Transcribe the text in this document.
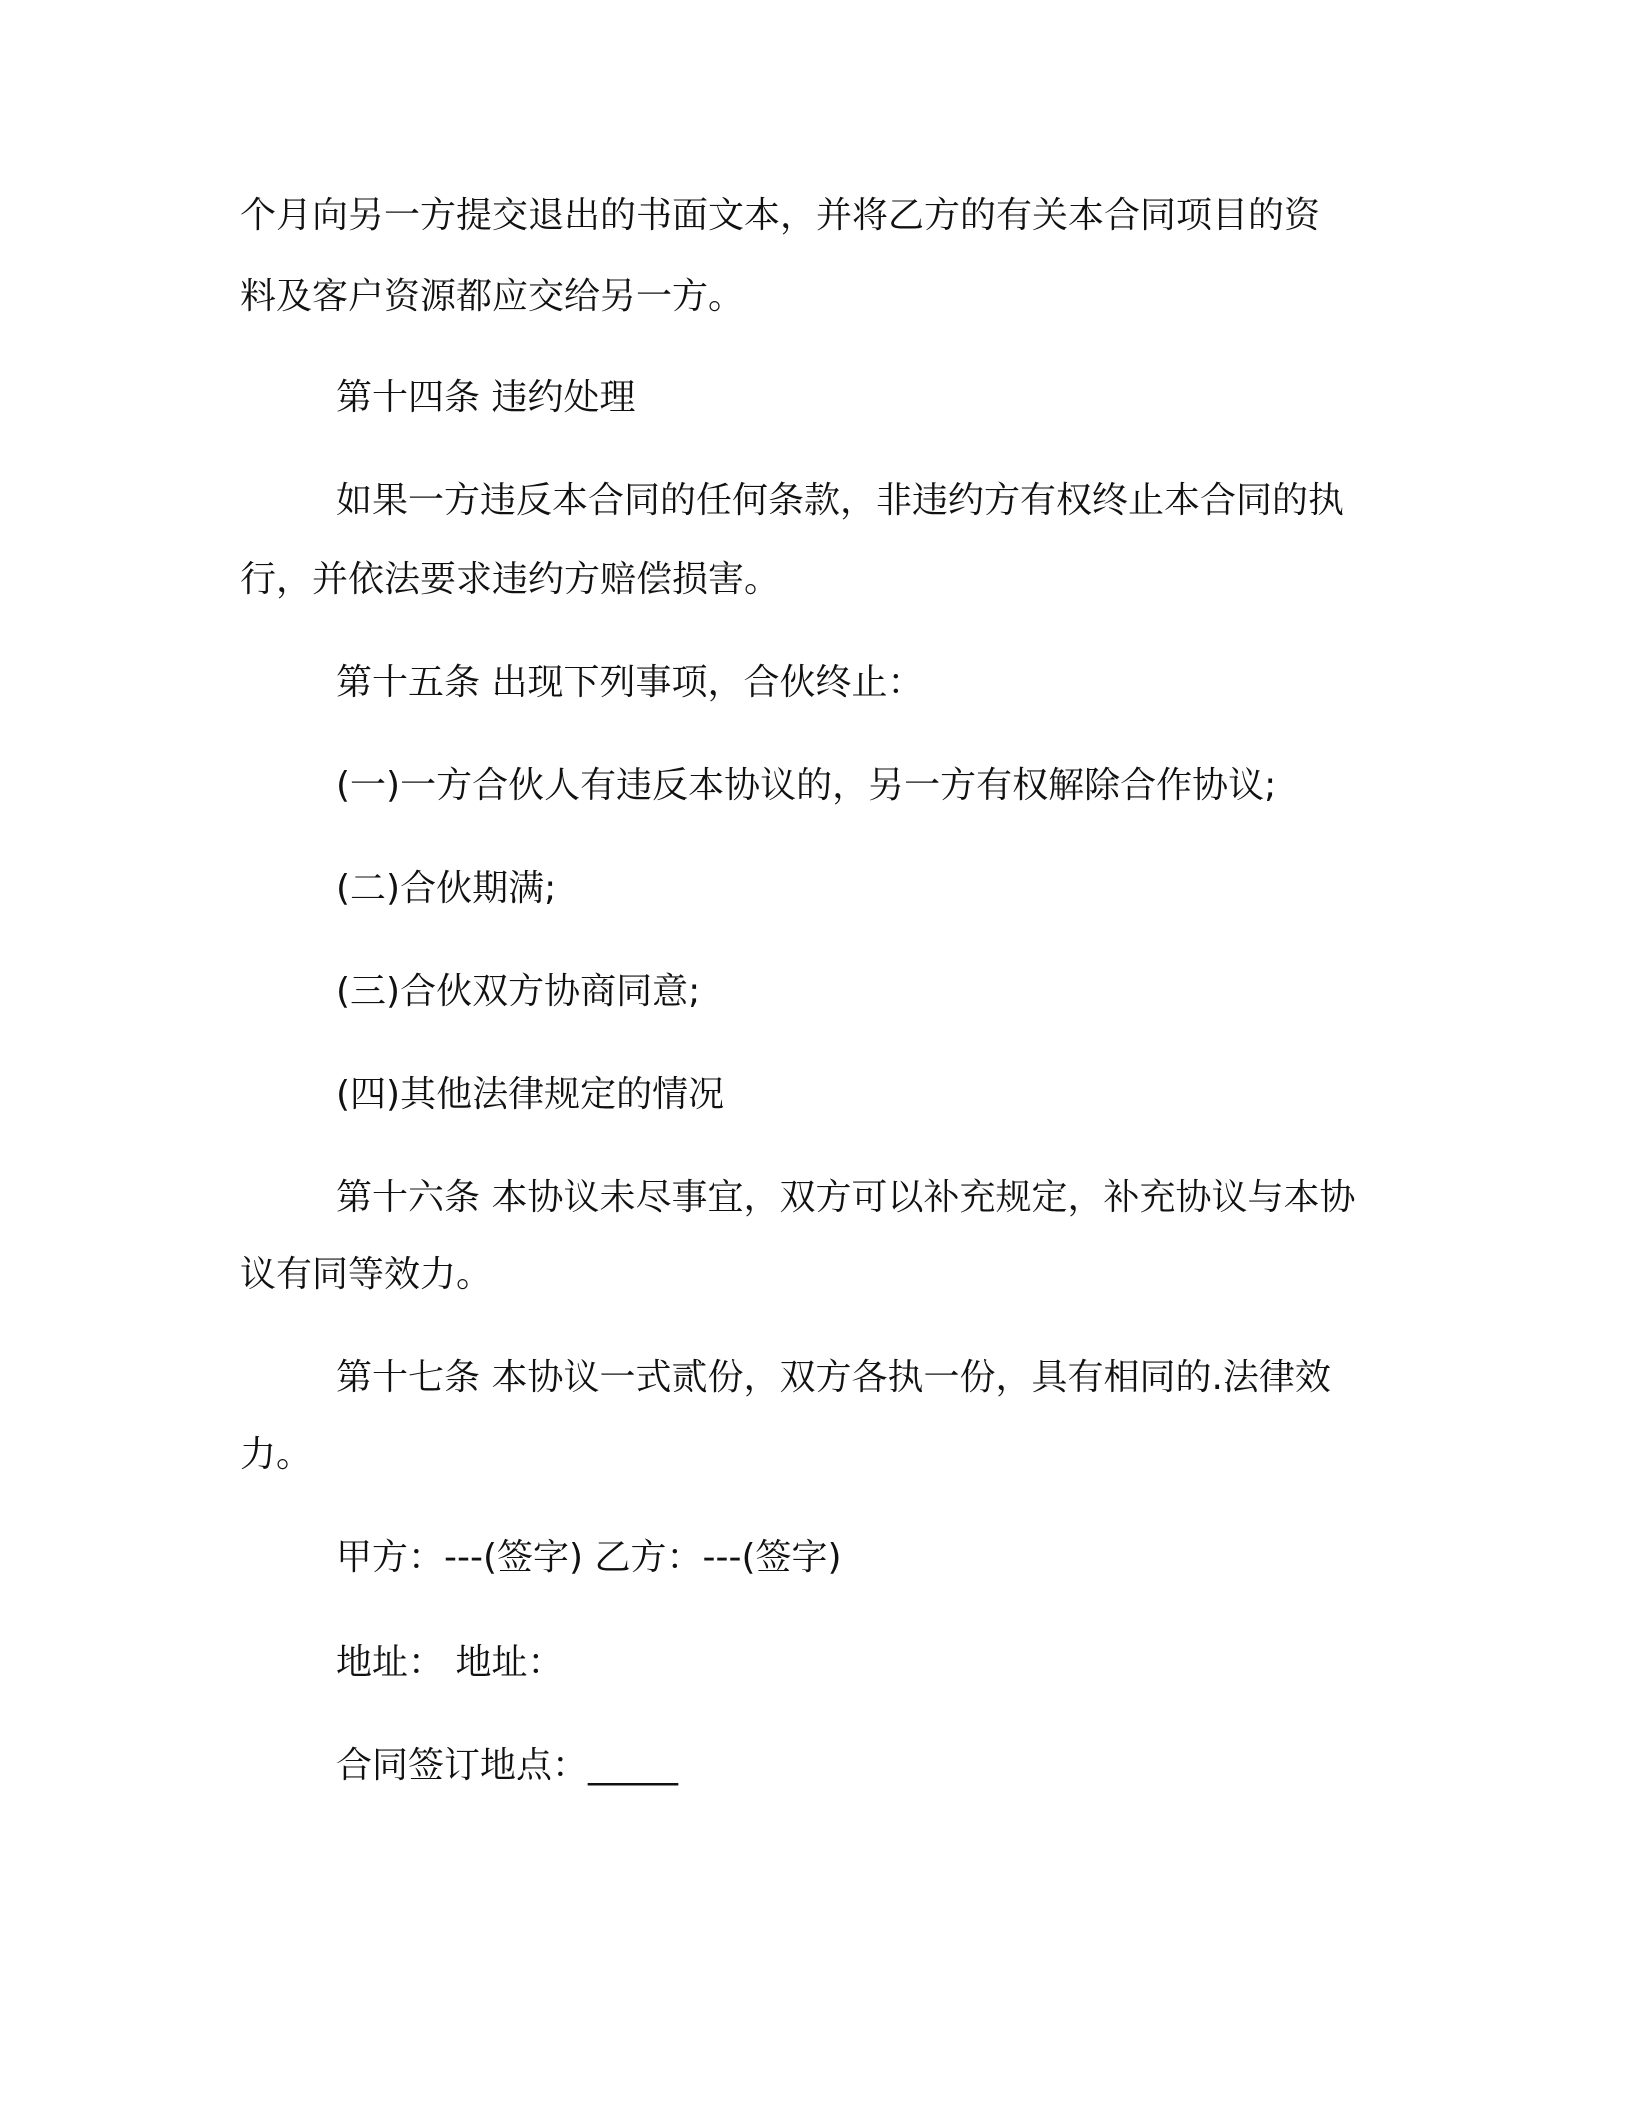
个月向另一方提交退出的书面文本，并将乙方的有关本合同项目的资
料及客户资源都应交给另一方。
第十四条 违约处理
如果一方违反本合同的任何条款，非违约方有权终止本合同的执
行，并依法要求违约方赔偿损害。
第十五条 出现下列事项，合伙终止：
(一)一方合伙人有违反本协议的，另一方有权解除合作协议;
(二)合伙期满;
(三)合伙双方协商同意;
(四)其他法律规定的情况
第十六条 本协议未尽事宜，双方可以补充规定，补充协议与本协
议有同等效力。
第十七条 本协议一式贰份，双方各执一份，具有相同的.法律效
力。
甲方：---(签字) 乙方：---(签字)
地址： 地址：
合同签订地点：_____
